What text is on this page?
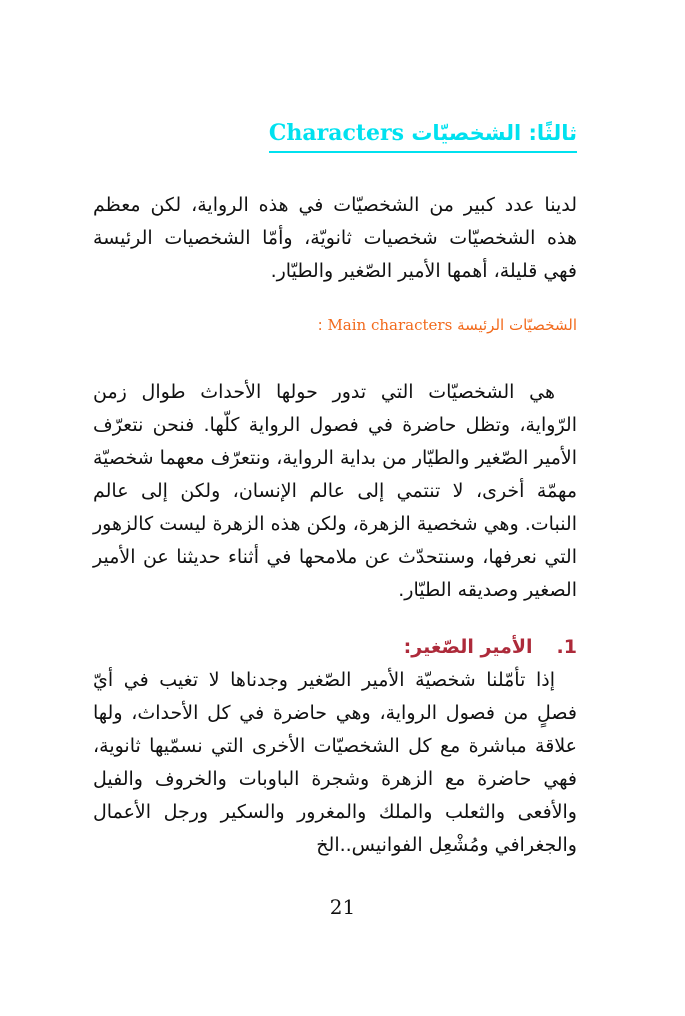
ثالثًا: الشخصيّات Characters

لدينا عدد كبير من الشخصيّات في هذه الرواية، لكن معظم هذه الشخصيّات شخصيات ثانويّة، وأمّا الشخصيات الرئيسة فهي قليلة، أهمها الأمير الصّغير والطيّار.

الشخصيّات الرئيسة Main characters :

هي الشخصيّات التي تدور حولها الأحداث طوال زمن الرّواية، وتظل حاضرة في فصول الرواية كلّها. فنحن نتعرّف الأمير الصّغير والطيّار من بداية الرواية، ونتعرّف معهما شخصيّة مهمّة أخرى، لا تنتمي إلى عالم الإنسان، ولكن إلى عالم النبات. وهي شخصية الزهرة، ولكن هذه الزهرة ليست كالزهور التي نعرفها، وسنتحدّث عن ملامحها في أثناء حديثنا عن الأمير الصغير وصديقه الطيّار.

1.الأمير الصّغير:

إذا تأمّلنا شخصيّة الأمير الصّغير وجدناها لا تغيب في أيّ فصلٍ من فصول الرواية، وهي حاضرة في كل الأحداث، ولها علاقة مباشرة مع كل الشخصيّات الأخرى التي نسمّيها ثانوية، فهي حاضرة مع الزهرة وشجرة الباوبات والخروف والفيل والأفعى والثعلب والملك والمغرور والسكير ورجل الأعمال والجغرافي ومُشْعِل الفوانيس..الخ

21
